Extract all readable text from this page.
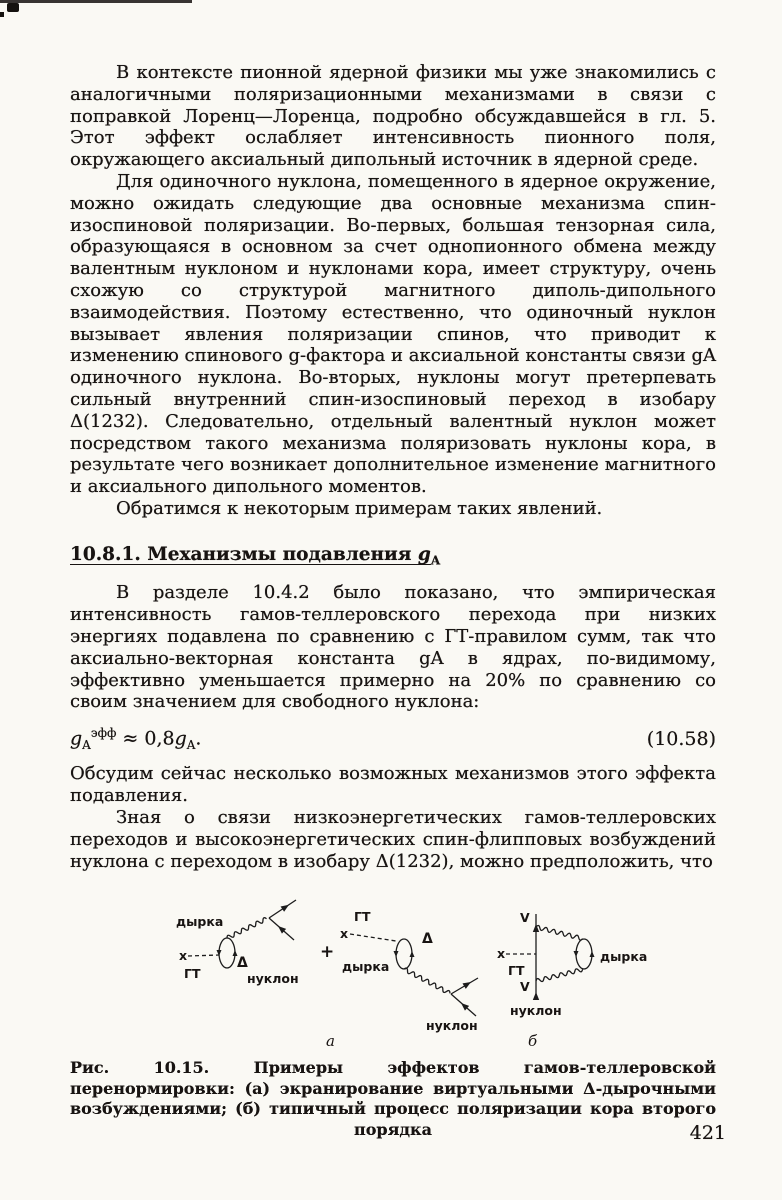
В контексте пионной ядерной физики мы уже знакомились с аналогичными поляризационными механизмами в связи с поправкой Лоренц—Лоренца, подробно обсуждавшейся в гл. 5. Этот эффект ослабляет интенсивность пионного поля, окружающего аксиальный дипольный источник в ядерной среде.

Для одиночного нуклона, помещенного в ядерное окружение, можно ожидать следующие два основные механизма спин-изоспиновой поляризации. Во-первых, большая тензорная сила, образующаяся в основном за счет однопионного обмена между валентным нуклоном и нуклонами кора, имеет структуру, очень схожую со структурой магнитного диполь-дипольного взаимодействия. Поэтому естественно, что одиночный нуклон вызывает явления поляризации спинов, что приводит к изменению спинового g-фактора и аксиальной константы связи gA одиночного нуклона. Во-вторых, нуклоны могут претерпевать сильный внутренний спин-изоспиновый переход в изобару Δ(1232). Следовательно, отдельный валентный нуклон может посредством такого механизма поляризовать нуклоны кора, в результате чего возникает дополнительное изменение магнитного и аксиального дипольного моментов.

Обратимся к некоторым примерам таких явлений.

10.8.1. Механизмы подавления $g_A$

В разделе 10.4.2 было показано, что эмпирическая интенсивность гамов-теллеровского перехода при низких энергиях подавлена по сравнению с ГТ-правилом сумм, так что аксиально-векторная константа gA в ядрах, по-видимому, эффективно уменьшается примерно на 20% по сравнению со своим значением для свободного нуклона:

$g_A^{эфф} \approx 0,8g_A$.	(10.58)

Обсудим сейчас несколько возможных механизмов этого эффекта подавления.

Зная о связи низкоэнергетических гамов-теллеровских переходов и высокоэнергетических спин-флипповых возбуждений нуклона с переходом в изобару Δ(1232), можно предположить, что

дырка
x
ГТ
Δ
нуклон
+
ГТ
x	Δ
дырка
нуклон
V
V
x
ГТ
дырка
нуклон
а	б
Рис. 10.15. Примеры эффектов гамов-теллеровской перенормировки: (а) экранирование виртуальными Δ-дырочными возбуждениями; (б) типичный процесс поляризации кора второго порядка	421
